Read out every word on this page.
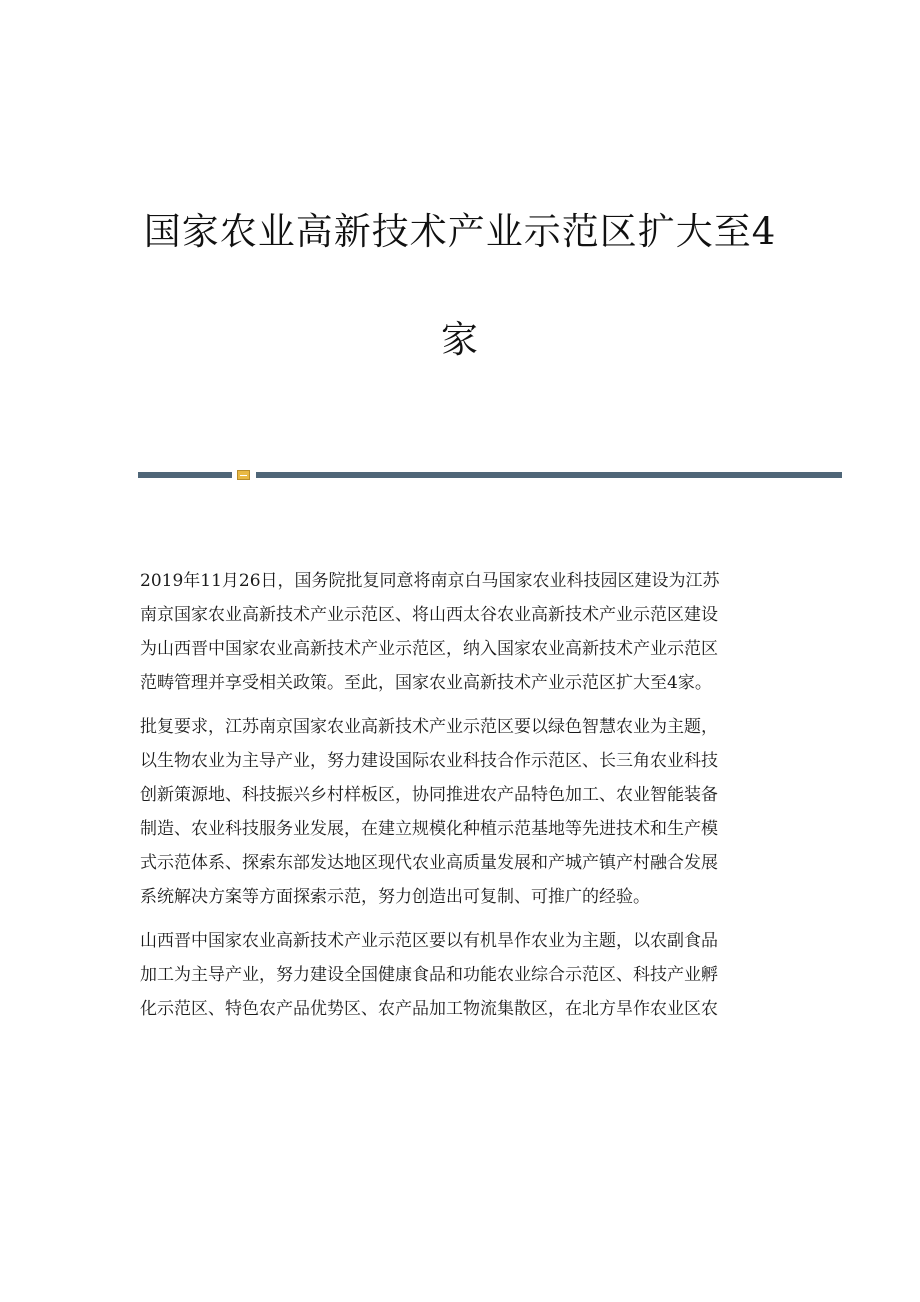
国家农业高新技术产业示范区扩大至4
家
2019年11月26日，国务院批复同意将南京白马国家农业科技园区建设为江苏
南京国家农业高新技术产业示范区、将山西太谷农业高新技术产业示范区建设
为山西晋中国家农业高新技术产业示范区，纳入国家农业高新技术产业示范区
范畴管理并享受相关政策。至此，国家农业高新技术产业示范区扩大至4家。
批复要求，江苏南京国家农业高新技术产业示范区要以绿色智慧农业为主题，
以生物农业为主导产业，努力建设国际农业科技合作示范区、长三角农业科技
创新策源地、科技振兴乡村样板区，协同推进农产品特色加工、农业智能装备
制造、农业科技服务业发展，在建立规模化种植示范基地等先进技术和生产模
式示范体系、探索东部发达地区现代农业高质量发展和产城产镇产村融合发展
系统解决方案等方面探索示范，努力创造出可复制、可推广的经验。
山西晋中国家农业高新技术产业示范区要以有机旱作农业为主题，以农副食品
加工为主导产业，努力建设全国健康食品和功能农业综合示范区、科技产业孵
化示范区、特色农产品优势区、农产品加工物流集散区，在北方旱作农业区农
